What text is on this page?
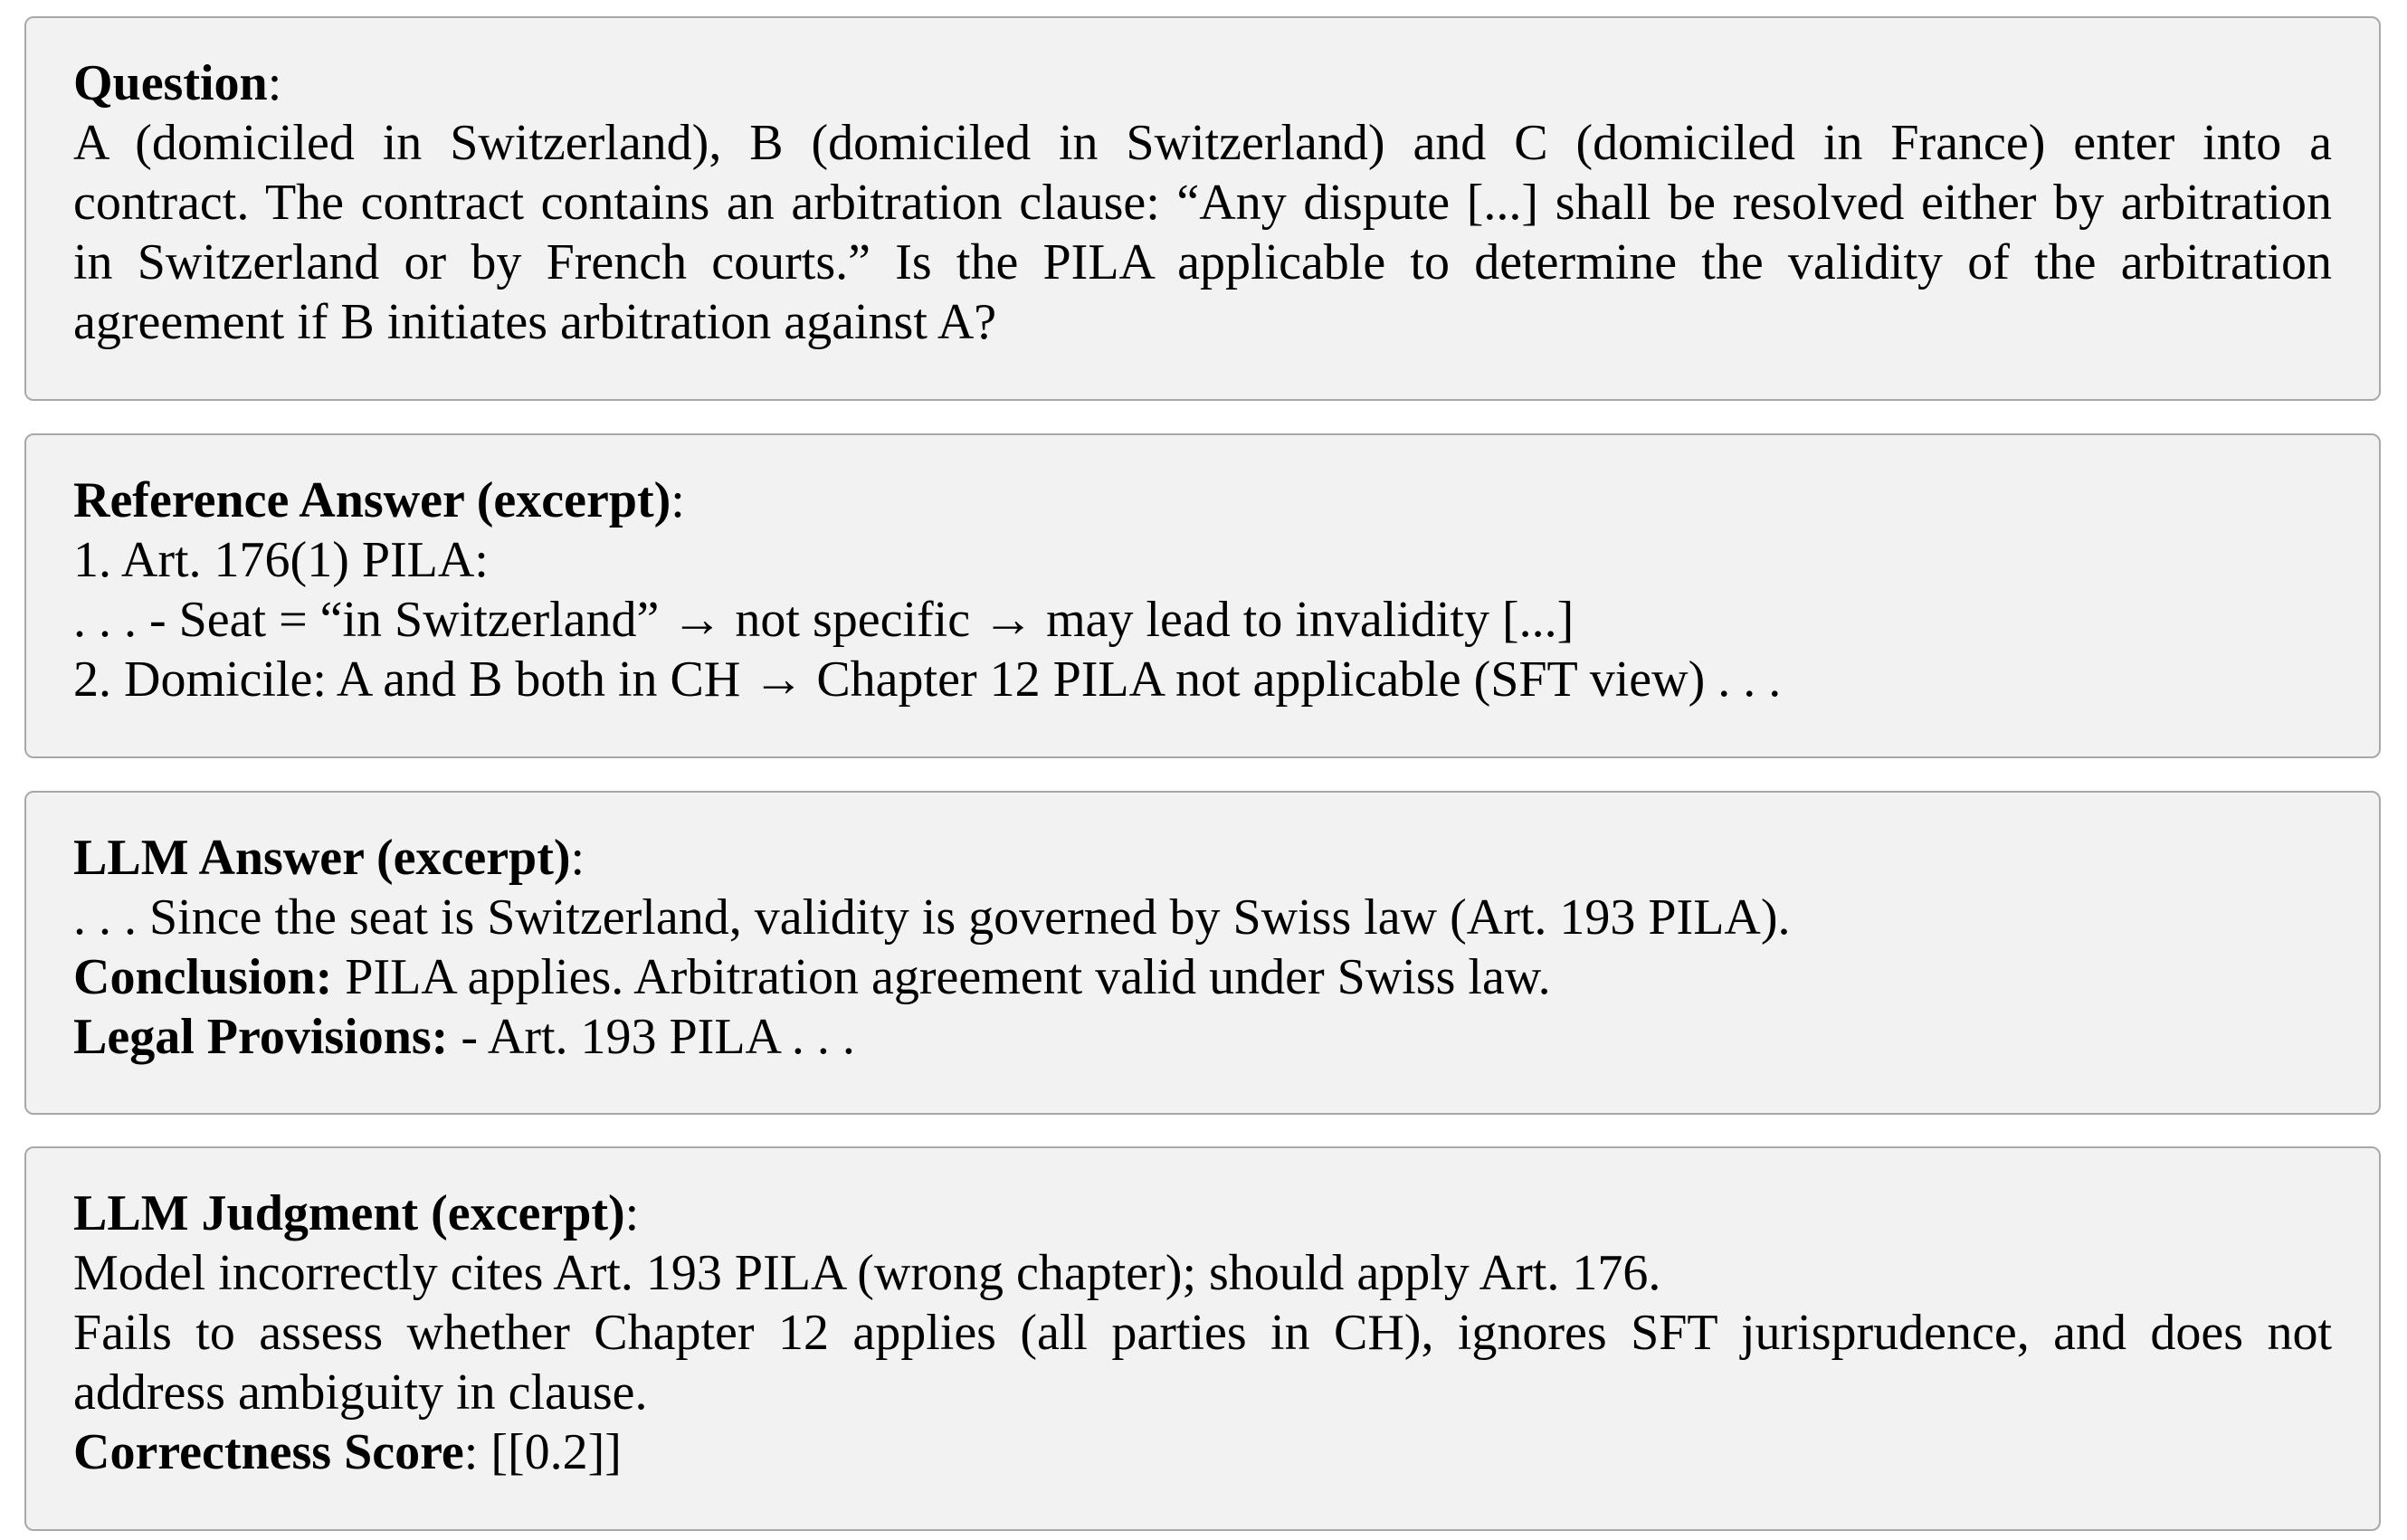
Question:
A (domiciled in Switzerland), B (domiciled in Switzerland) and C (domiciled in France) enter into a
contract. The contract contains an arbitration clause: “Any dispute [...] shall be resolved either by arbitration
in Switzerland or by French courts.” Is the PILA applicable to determine the validity of the arbitration
agreement if B initiates arbitration against A?
Reference Answer (excerpt):
1. Art. 176(1) PILA:
. . . - Seat = “in Switzerland” → not specific → may lead to invalidity [...]
2. Domicile: A and B both in CH → Chapter 12 PILA not applicable (SFT view) . . .
LLM Answer (excerpt):
. . . Since the seat is Switzerland, validity is governed by Swiss law (Art. 193 PILA).
Conclusion: PILA applies. Arbitration agreement valid under Swiss law.
Legal Provisions: - Art. 193 PILA . . .
LLM Judgment (excerpt):
Model incorrectly cites Art. 193 PILA (wrong chapter); should apply Art. 176.
Fails to assess whether Chapter 12 applies (all parties in CH), ignores SFT jurisprudence, and does not
address ambiguity in clause.
Correctness Score: [[0.2]]
